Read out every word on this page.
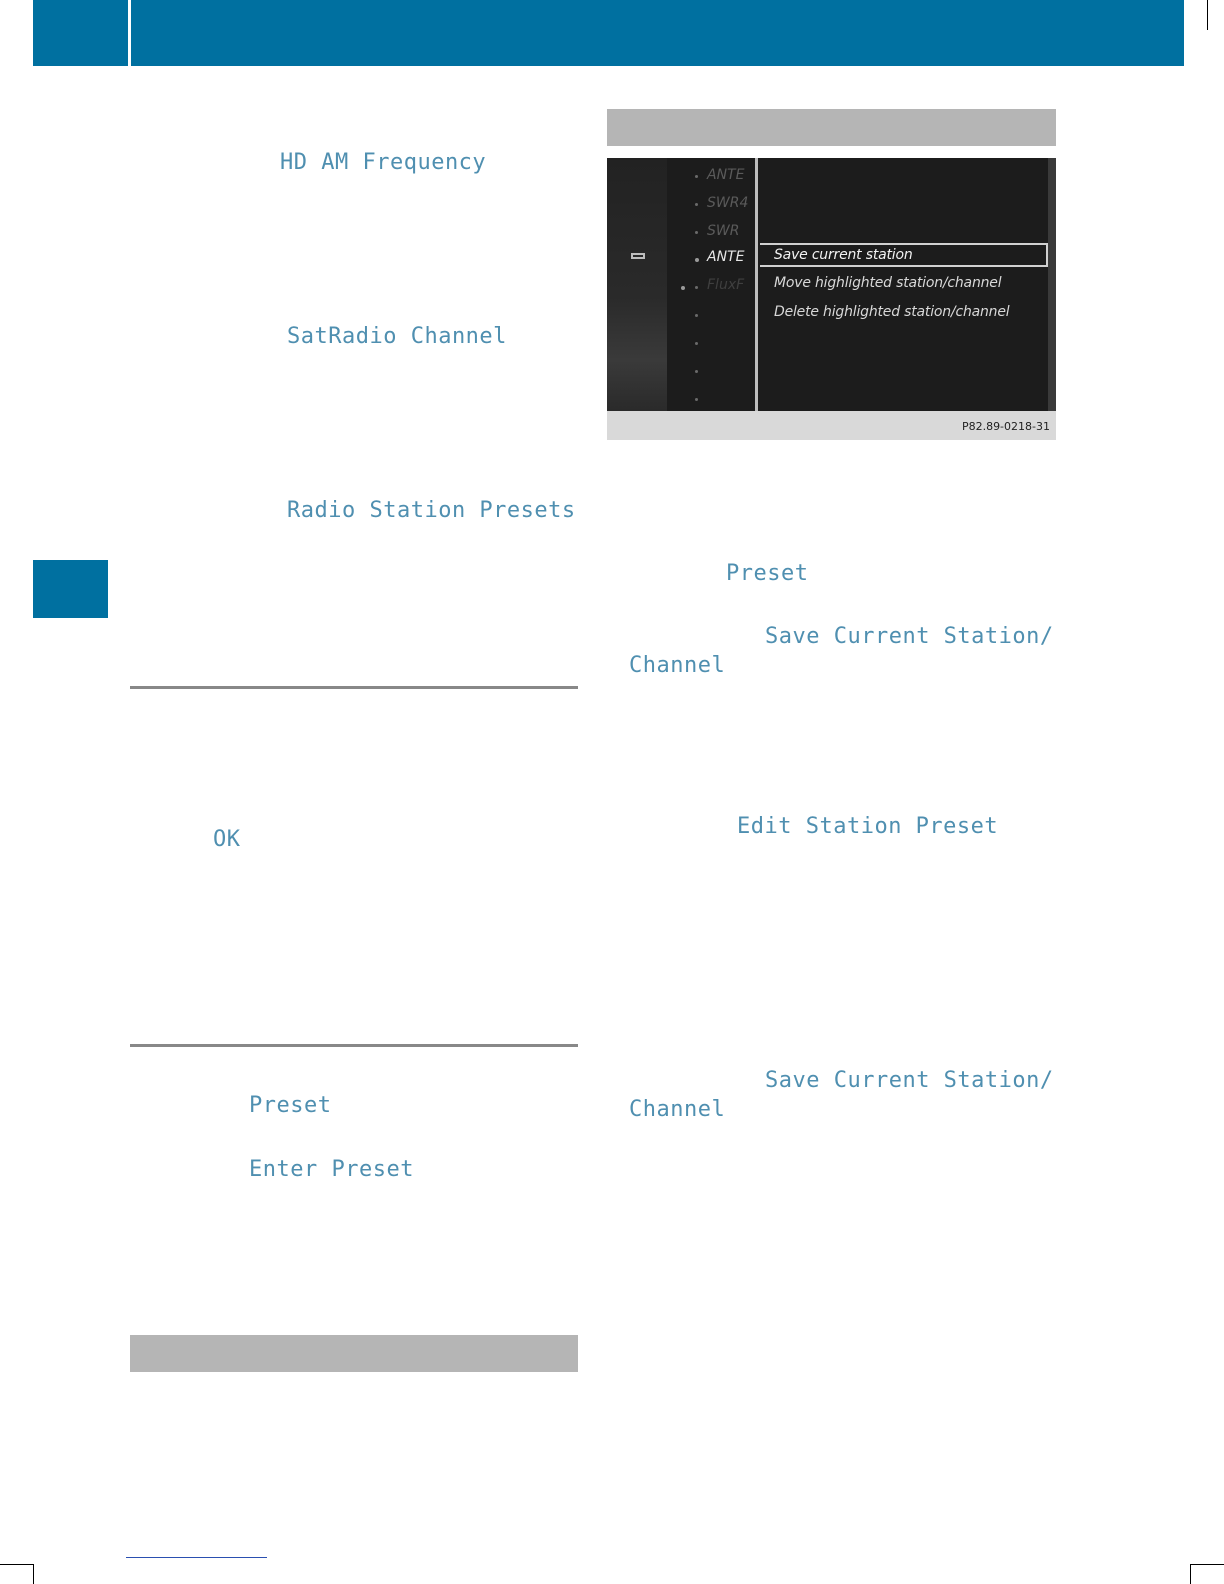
HD AM Frequency
SatRadio Channel
Radio Station Presets
OK
Preset
Enter Preset
ANTE
SWR4
SWR
ANTE
FluxF
Save current station
Move highlighted station/channel
Delete highlighted station/channel
P82.89-0218-31
Preset
Save Current Station/
Channel
Edit Station Preset
Save Current Station/
Channel
